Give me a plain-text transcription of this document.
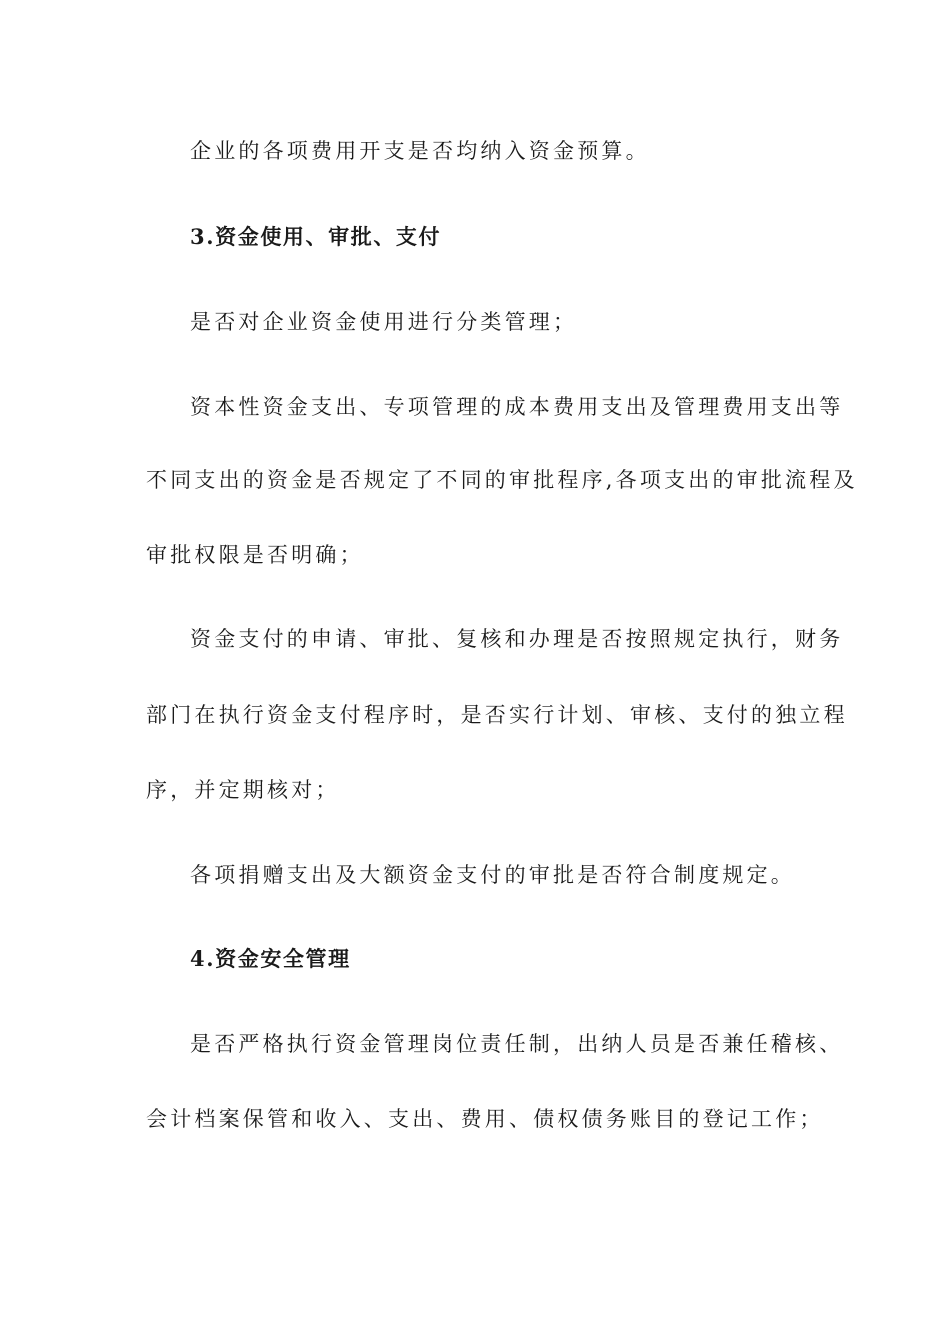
企业的各项费用开支是否均纳入资金预算。
3.资金使用、审批、支付
是否对企业资金使用进行分类管理；
资本性资金支出、专项管理的成本费用支出及管理费用支出等
不同支出的资金是否规定了不同的审批程序,各项支出的审批流程及
审批权限是否明确；
资金支付的申请、审批、复核和办理是否按照规定执行，财务
部门在执行资金支付程序时，是否实行计划、审核、支付的独立程
序，并定期核对；
各项捐赠支出及大额资金支付的审批是否符合制度规定。
4.资金安全管理
是否严格执行资金管理岗位责任制，出纳人员是否兼任稽核、
会计档案保管和收入、支出、费用、债权债务账目的登记工作；
